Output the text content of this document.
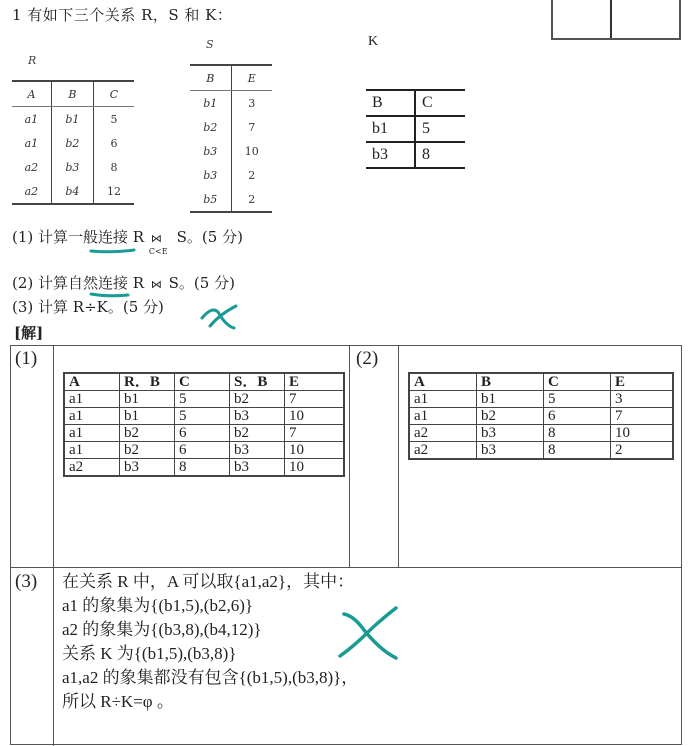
1 有如下三个关系 R，S 和 K：
R
A	B	C
a1	b1	5
a1	b2	6
a2	b3	8
a2	b4	12
S
B	E
b1	3
b2	7
b3	10
b3	2
b5	2
K
B	C
b1	5
b3	8
(1) 计算一般连接 R ⋈
C<E
S。(5 分)
(2) 计算自然连接 R ⋈ S。(5 分)
(3) 计算 R÷K。(5 分)
[解]
(1)	(2)
(3)
A	R．B	C	S．B	E
a1	b1	5	b2	7
a1	b1	5	b3	10
a1	b2	6	b2	7
a1	b2	6	b3	10
a2	b3	8	b3	10
A	B	C	E
a1	b1	5	3
a1	b2	6	7
a2	b3	8	10
a2	b3	8	2
在关系 R 中，A 可以取{a1,a2}，其中：
a1 的象集为{(b1,5),(b2,6)}
a2 的象集为{(b3,8),(b4,12)}
关系 K 为{(b1,5),(b3,8)}
a1,a2 的象集都没有包含{(b1,5),(b3,8)}，
所以 R÷K=φ 。
